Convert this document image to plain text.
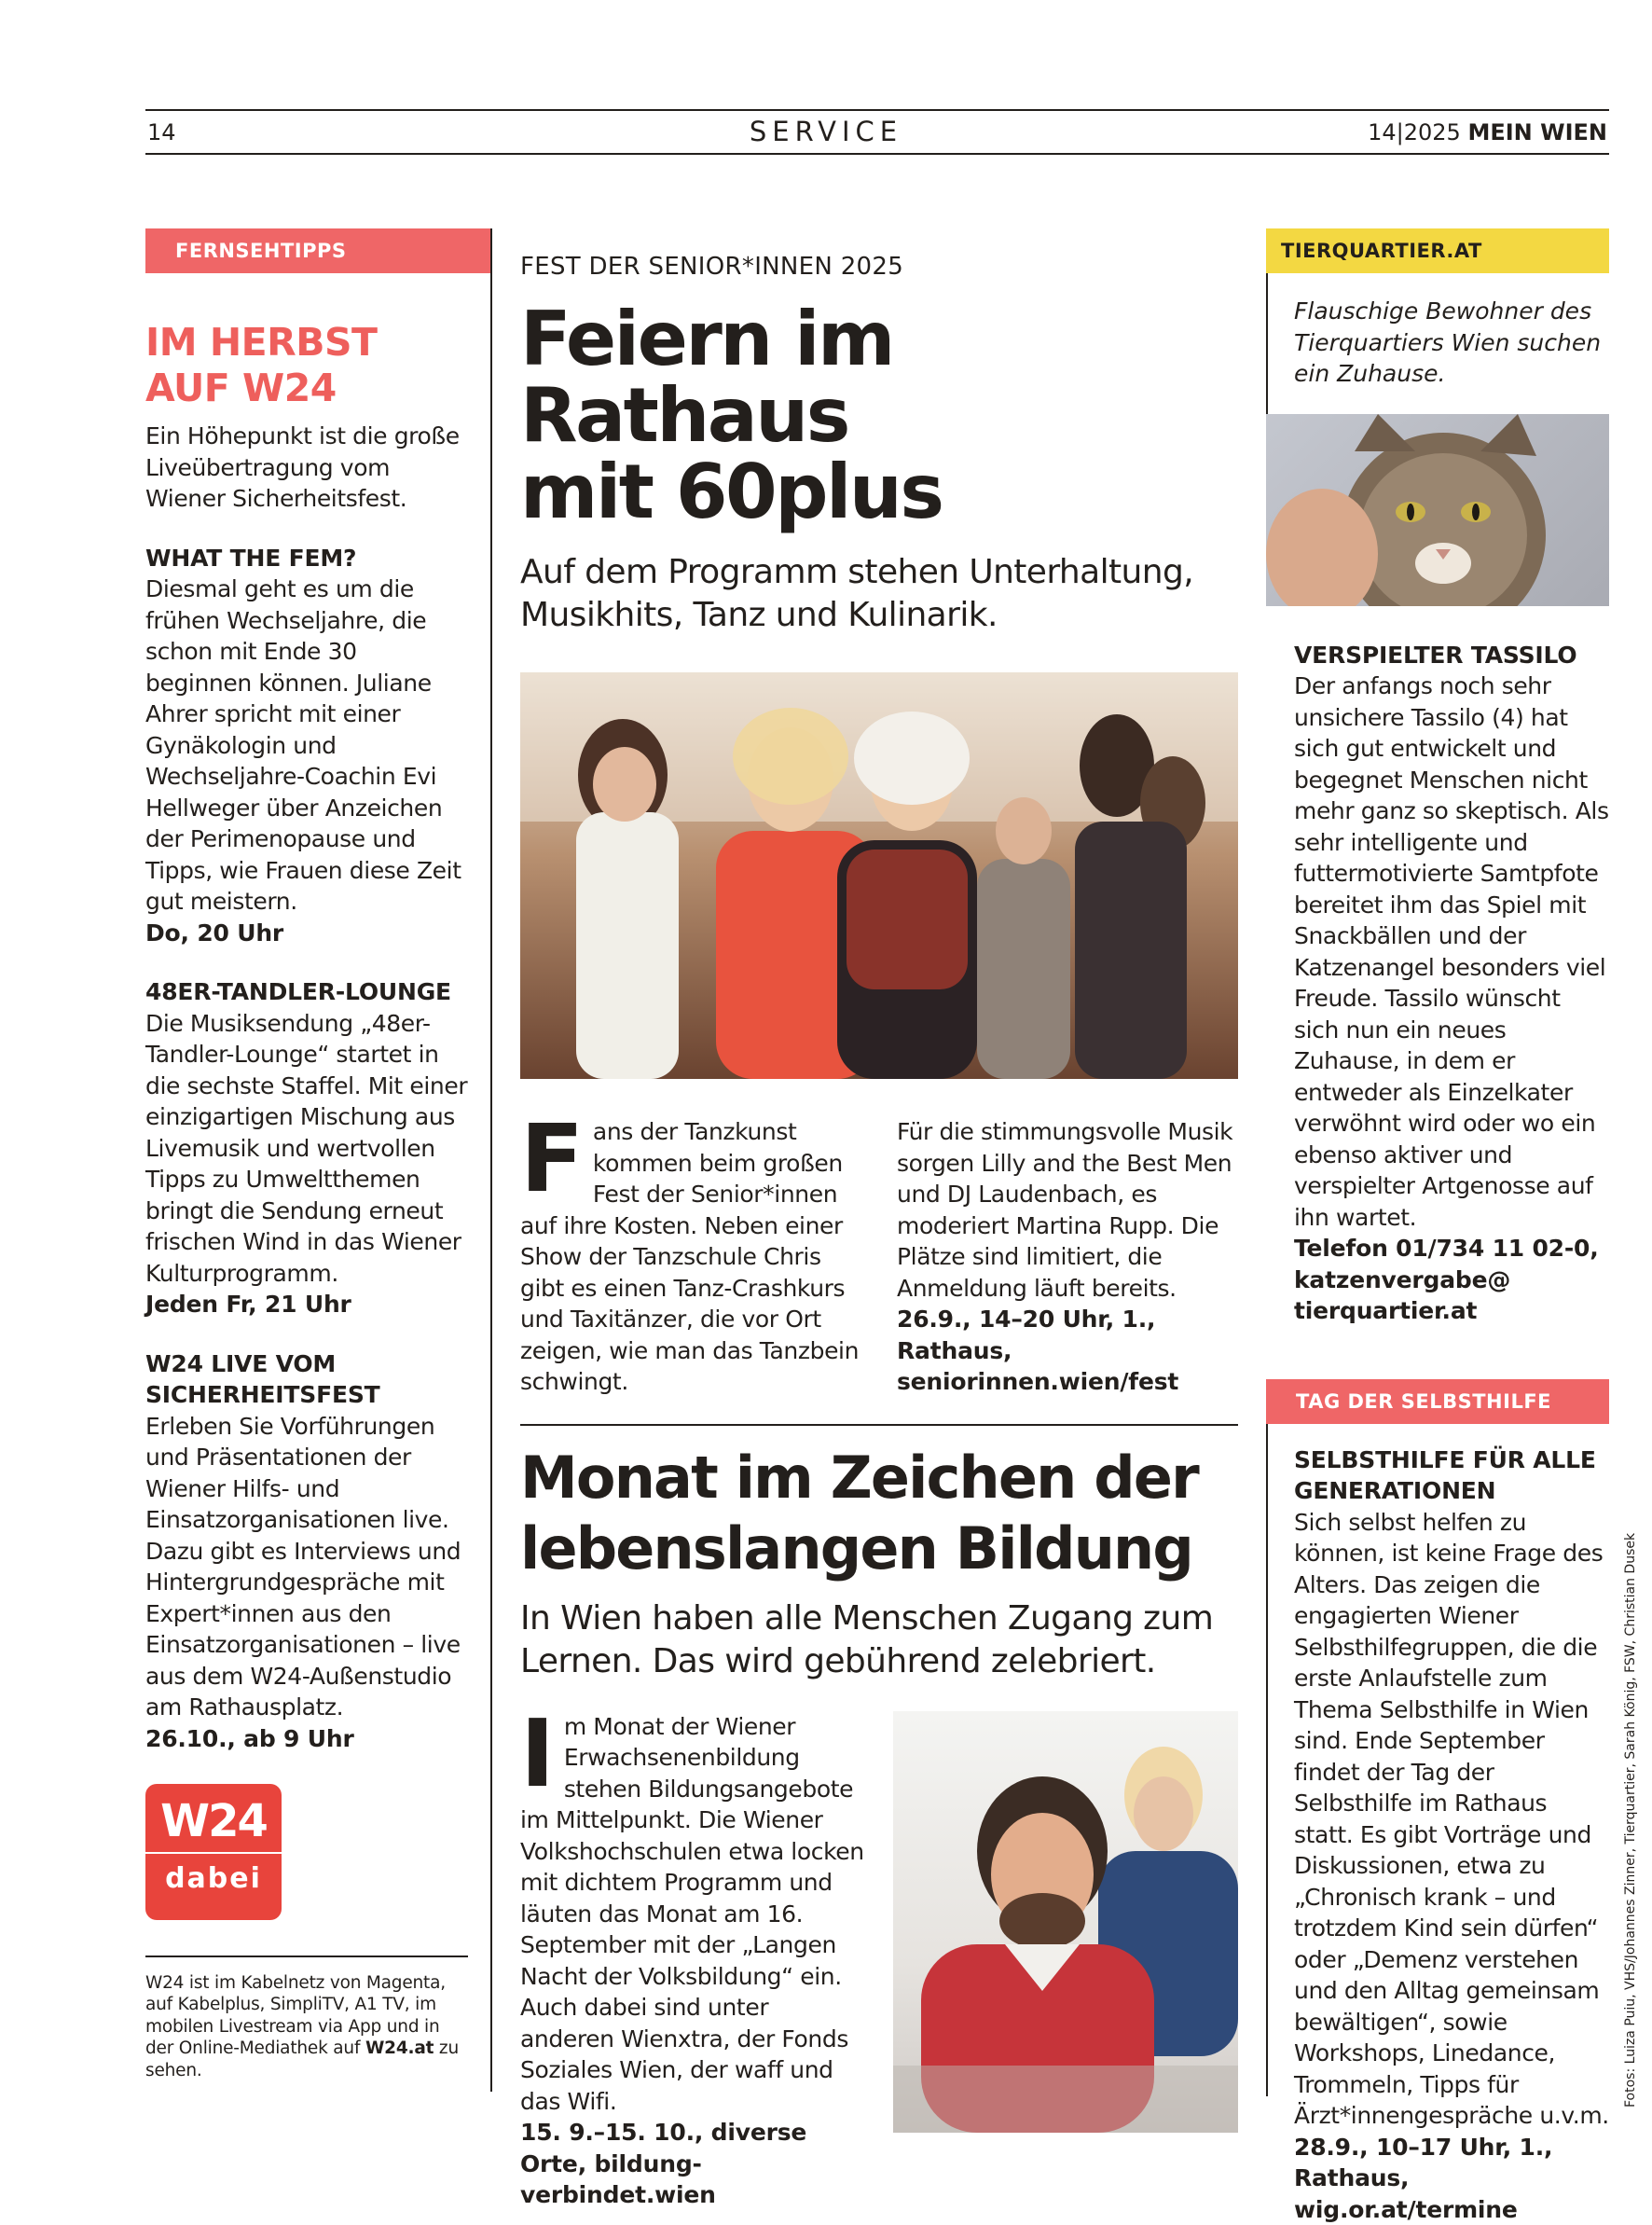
14	SERVICE	14|2025 MEIN WIEN
FERNSEHTIPPS
IM HERBST
AUF W24
Ein Höhepunkt ist die große Liveübertragung vom Wiener Sicherheitsfest.
WHAT THE FEM?
Diesmal geht es um die frühen Wechseljahre, die schon mit Ende 30 beginnen können. Juliane Ahrer spricht mit einer Gynäkologin und Wechseljahre-Coachin Evi Hellweger über Anzeichen der Perimenopause und Tipps, wie Frauen diese Zeit gut meistern.
Do, 20 Uhr
48ER-TANDLER-LOUNGE
Die Musiksendung „48er-Tandler-Lounge“ startet in die sechste Staffel. Mit einer einzigartigen Mischung aus Livemusik und wertvollen Tipps zu Umweltthemen bringt die Sendung erneut frischen Wind in das Wiener Kulturprogramm.
Jeden Fr, 21 Uhr
W24 LIVE VOM
SICHERHEITSFEST
Erleben Sie Vorführungen und Präsentationen der Wiener Hilfs- und Einsatzorganisationen live. Dazu gibt es Interviews und Hintergrundgespräche mit Expert*innen aus den Einsatzorganisationen – live aus dem W24-Außenstudio am Rathausplatz.
26.10., ab 9 Uhr
W24
dabei
W24 ist im Kabelnetz von Magenta, auf Kabelplus, SimpliTV, A1 TV, im mobilen Livestream via App und in der Online-Mediathek auf W24.at zu sehen.
FEST DER SENIOR*INNEN 2025
Feiern im Rathaus
mit 60plus
Auf dem Programm stehen Unterhaltung, Musikhits, Tanz und Kulinarik.
Fans der Tanzkunst kommen beim großen Fest der Senior*innen auf ihre Kosten. Neben einer Show der Tanzschule Chris gibt es einen Tanz-Crashkurs und Taxitänzer, die vor Ort zeigen, wie man das Tanzbein schwingt.
Für die stimmungsvolle Musik sorgen Lilly and the Best Men und DJ Laudenbach, es moderiert Martina Rupp. Die Plätze sind limitiert, die Anmeldung läuft bereits.
26.9., 14–20 Uhr, 1., Rathaus, seniorinnen.wien/fest
Monat im Zeichen der
lebenslangen Bildung
In Wien haben alle Menschen Zugang zum Lernen. Das wird gebührend zelebriert.
Im Monat der Wiener Erwachsenenbildung stehen Bildungsangebote im Mittelpunkt. Die Wiener Volkshochschulen etwa locken mit dichtem Programm und läuten das Monat am 16. September mit der „Langen Nacht der Volksbildung“ ein. Auch dabei sind unter anderen Wienxtra, der Fonds Soziales Wien, der waff und das Wifi.
15. 9.–15. 10., diverse Orte, bildung-verbindet.wien
TIERQUARTIER.AT
Flauschige Bewohner des Tierquartiers Wien suchen ein Zuhause.
VERSPIELTER TASSILO
Der anfangs noch sehr unsichere Tassilo (4) hat sich gut entwickelt und begegnet Menschen nicht mehr ganz so skeptisch. Als sehr intelligente und futtermotivierte Samtpfote bereitet ihm das Spiel mit Snackbällen und der Katzenangel besonders viel Freude. Tassilo wünscht sich nun ein neues Zuhause, in dem er entweder als Einzelkater verwöhnt wird oder wo ein ebenso aktiver und verspielter Artgenosse auf ihn wartet.
Telefon 01/734 11 02-0, katzenvergabe@ tierquartier.at
TAG DER SELBSTHILFE
SELBSTHILFE FÜR ALLE
GENERATIONEN
Sich selbst helfen zu können, ist keine Frage des Alters. Das zeigen die engagierten Wiener Selbsthilfegruppen, die die erste Anlaufstelle zum Thema Selbsthilfe in Wien sind. Ende September findet der Tag der Selbsthilfe im Rathaus statt. Es gibt Vorträge und Diskussionen, etwa zu „Chronisch krank – und trotzdem Kind sein dürfen“ oder „Demenz verstehen und den Alltag gemeinsam bewältigen“, sowie Workshops, Linedance, Trommeln, Tipps für Ärzt*innengespräche u.v.m.
28.9., 10–17 Uhr, 1., Rathaus, wig.or.at/termine
Fotos: Luiza Puiu, VHS/Johannes Zinner, Tierquartier, Sarah König, FSW, Christian Dusek
